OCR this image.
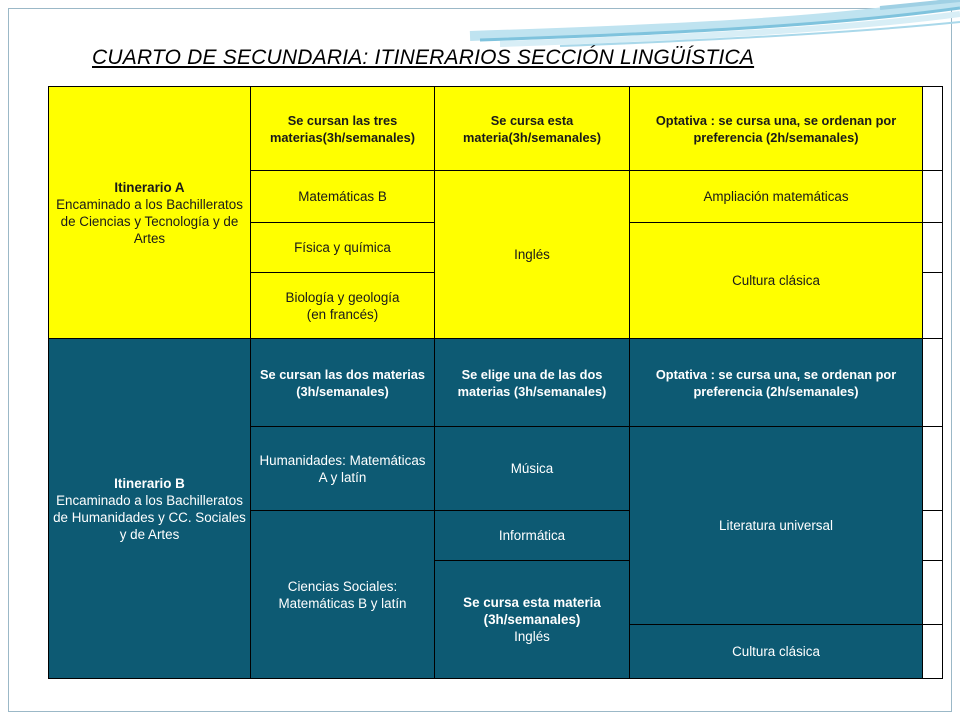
CUARTO DE SECUNDARIA: ITINERARIOS SECCIÓN LINGÜÍSTICA
Itinerario A
Encaminado a los Bachilleratos de Ciencias y Tecnología y de Artes	Se cursan las tres materias(3h/semanales)	Se cursa esta materia(3h/semanales)	Optativa : se cursa una, se ordenan por preferencia (2h/semanales)	
	Matemáticas B	Inglés	Ampliación matemáticas	
	Física y química		Cultura clásica	

	Biología y geología
(en francés)			

Itinerario B
Encaminado a los Bachilleratos de Humanidades y CC. Sociales y de Artes	Se cursan las dos materias (3h/semanales)	Se elige una de las dos materias (3h/semanales)	Optativa : se cursa una, se ordenan por preferencia (2h/semanales)	
	Humanidades: Matemáticas A y latín	Música	Literatura universal	
	Ciencias Sociales: Matemáticas B y latín	Informática		

		Se cursa esta materia (3h/semanales)
Inglés		

			Cultura clásica	
